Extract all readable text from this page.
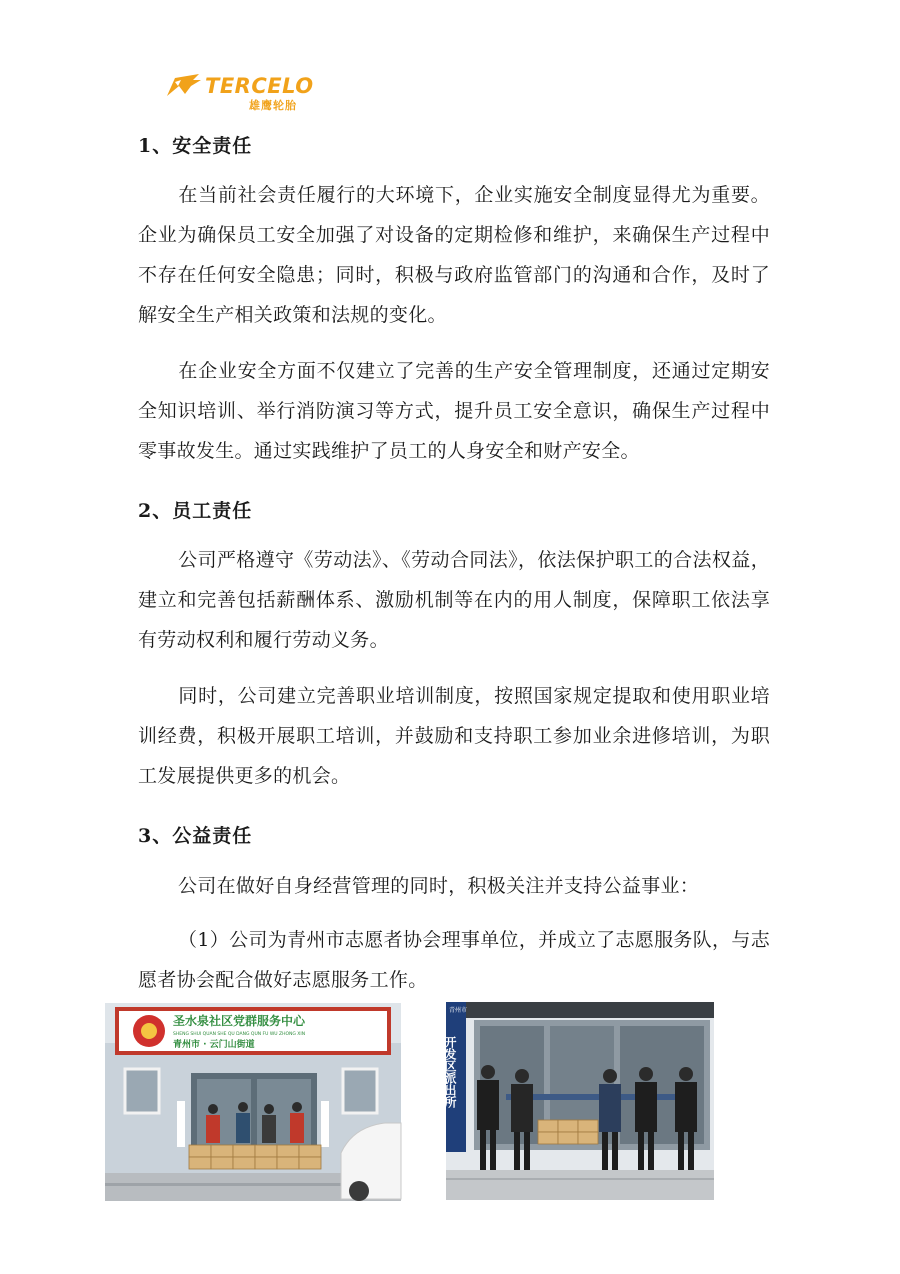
TERCELO
雄鹰轮胎
1、安全责任
在当前社会责任履行的大环境下，企业实施安全制度显得尤为重要。企业为确保员工安全加强了对设备的定期检修和维护，来确保生产过程中不存在任何安全隐患；同时，积极与政府监管部门的沟通和合作，及时了解安全生产相关政策和法规的变化。
在企业安全方面不仅建立了完善的生产安全管理制度，还通过定期安全知识培训、举行消防演习等方式，提升员工安全意识，确保生产过程中零事故发生。通过实践维护了员工的人身安全和财产安全。
2、员工责任
公司严格遵守《劳动法》、《劳动合同法》，依法保护职工的合法权益，建立和完善包括薪酬体系、激励机制等在内的用人制度，保障职工依法享有劳动权利和履行劳动义务。
同时，公司建立完善职业培训制度，按照国家规定提取和使用职业培训经费，积极开展职工培训，并鼓励和支持职工参加业余进修培训，为职工发展提供更多的机会。
3、公益责任
公司在做好自身经营管理的同时，积极关注并支持公益事业：
（1）公司为青州市志愿者协会理事单位，并成立了志愿服务队，与志愿者协会配合做好志愿服务工作。
圣水泉社区党群服务中心
SHENG SHUI QUAN SHE QU DANG QUN FU WU ZHONG XIN
青州市 · 云门山街道
青州市
开发区派出所
